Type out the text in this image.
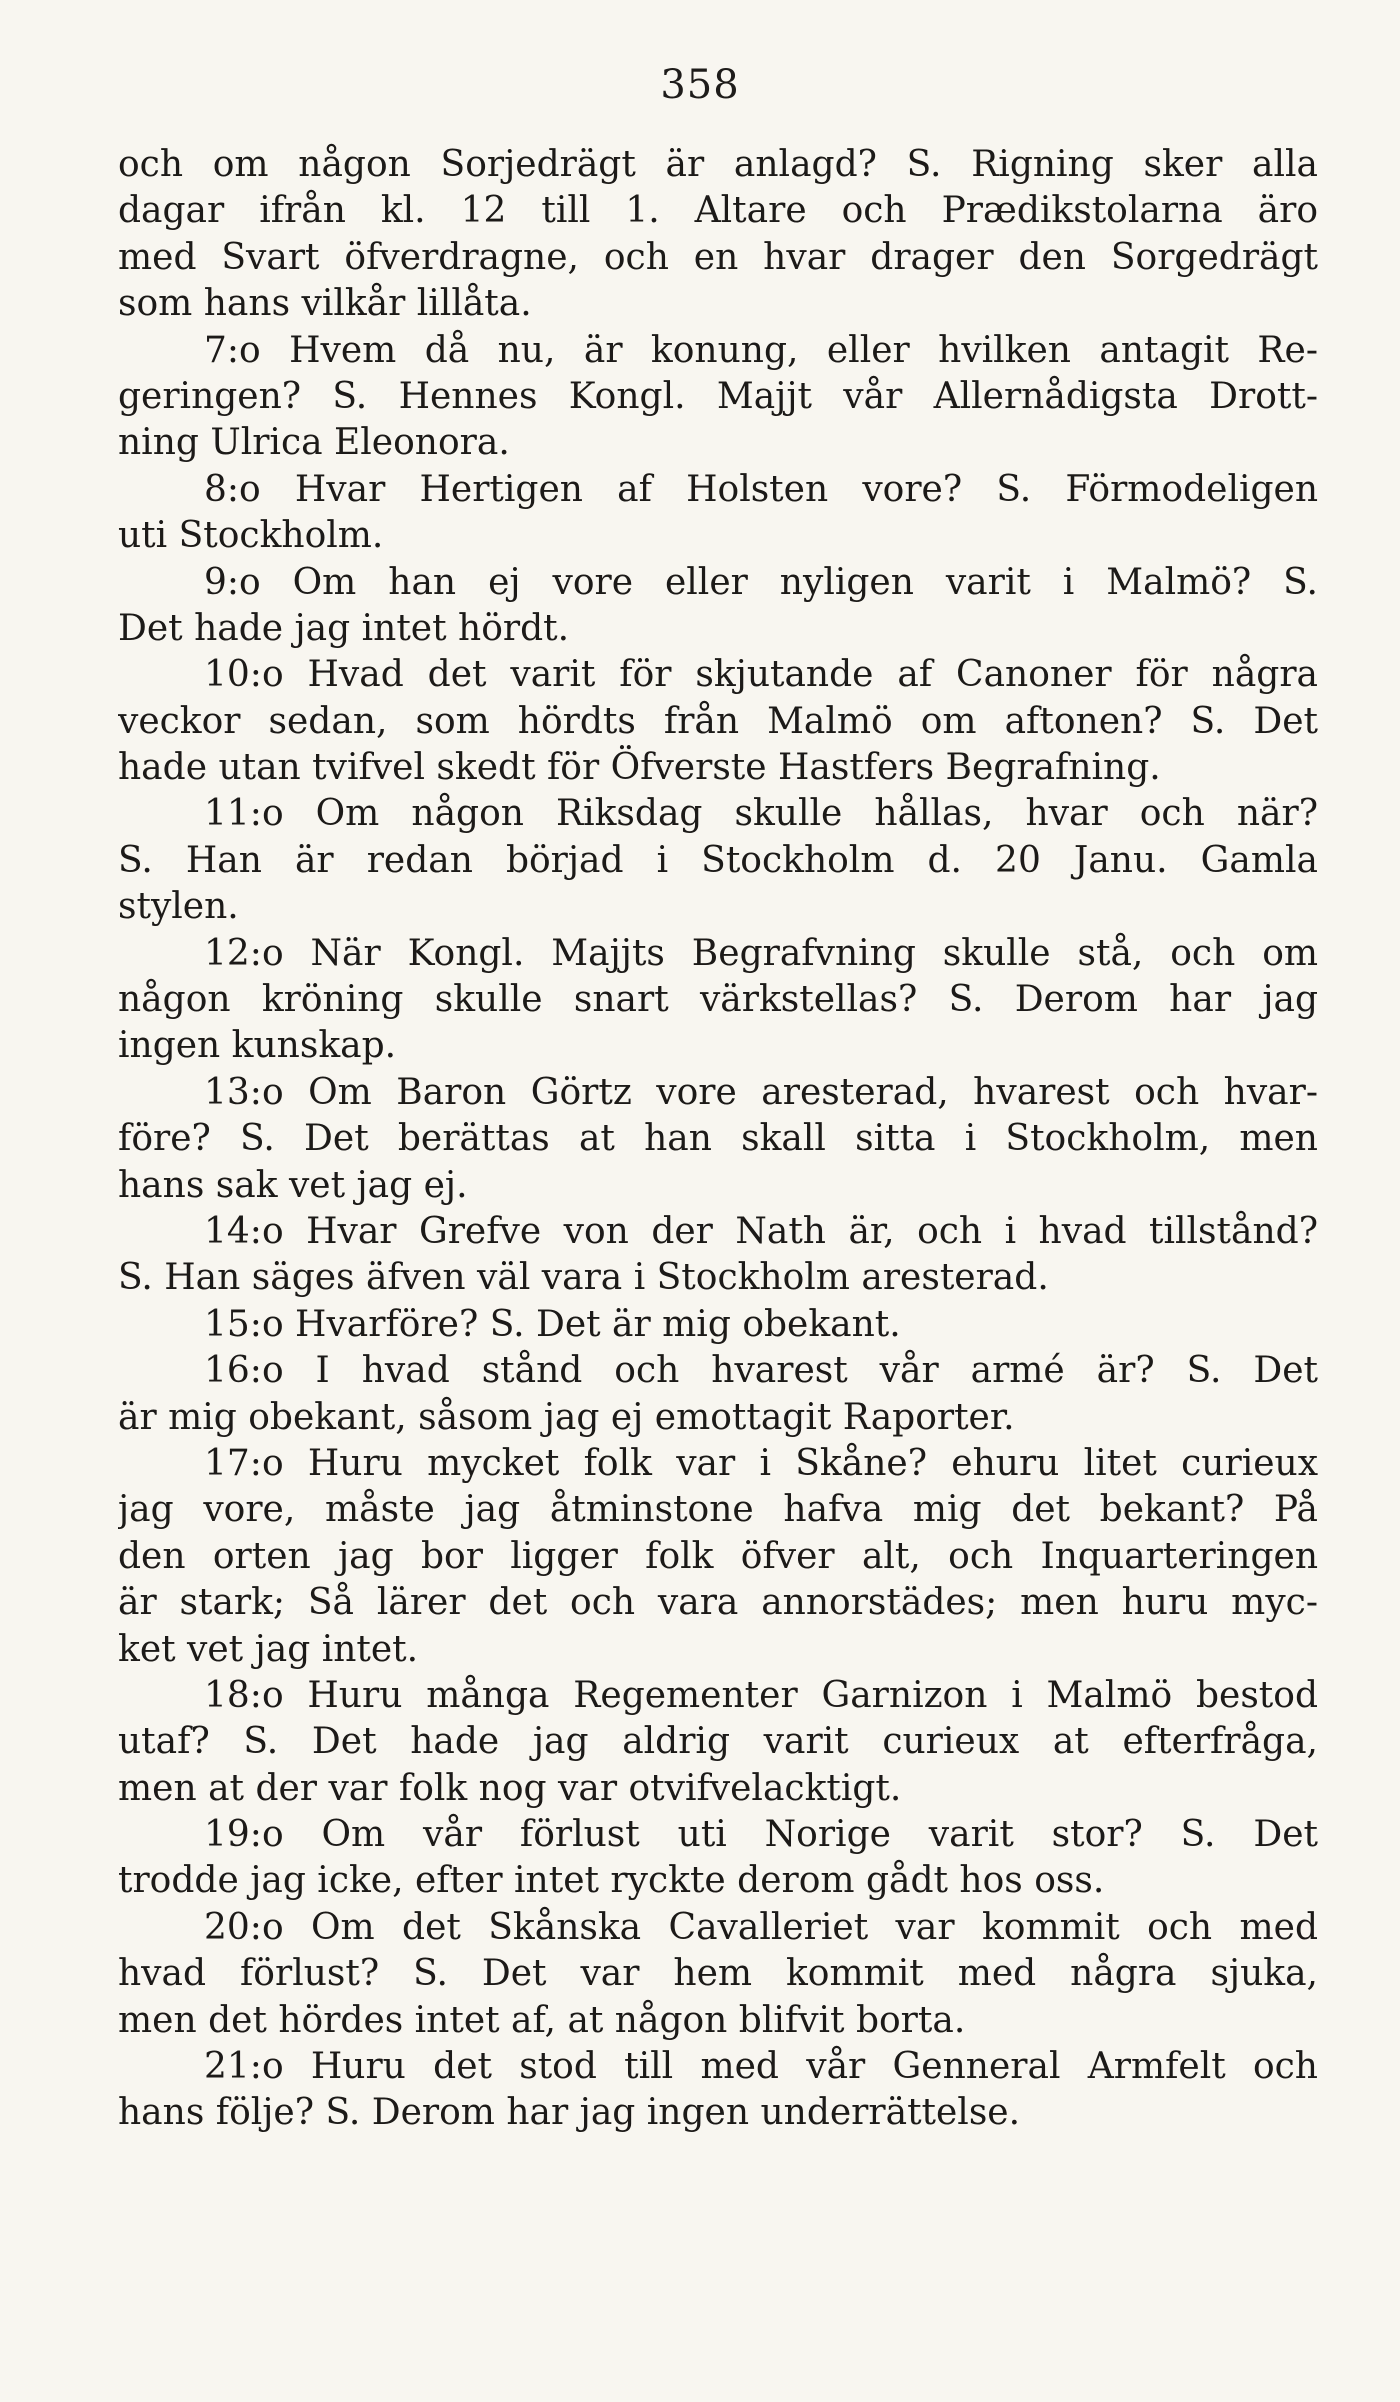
358
och om någon Sorjedrägt är anlagd? S. Rigning sker alla
dagar ifrån kl. 12 till 1. Altare och Prædikstolarna äro
med Svart öfverdragne, och en hvar drager den Sorgedrägt
som hans vilkår lillåta.
7:o Hvem då nu, är konung, eller hvilken antagit Re-
geringen? S. Hennes Kongl. Majjt vår Allernådigsta Drott-
ning Ulrica Eleonora.
8:o Hvar Hertigen af Holsten vore? S. Förmodeligen
uti Stockholm.
9:o Om han ej vore eller nyligen varit i Malmö? S.
Det hade jag intet hördt.
10:o Hvad det varit för skjutande af Canoner för några
veckor sedan, som hördts från Malmö om aftonen? S. Det
hade utan tvifvel skedt för Öfverste Hastfers Begrafning.
11:o Om någon Riksdag skulle hållas, hvar och när?
S. Han är redan börjad i Stockholm d. 20 Janu. Gamla
stylen.
12:o När Kongl. Majjts Begrafvning skulle stå, och om
någon kröning skulle snart värkstellas? S. Derom har jag
ingen kunskap.
13:o Om Baron Görtz vore aresterad, hvarest och hvar-
före? S. Det berättas at han skall sitta i Stockholm, men
hans sak vet jag ej.
14:o Hvar Grefve von der Nath är, och i hvad tillstånd?
S. Han säges äfven väl vara i Stockholm aresterad.
15:o Hvarföre? S. Det är mig obekant.
16:o I hvad stånd och hvarest vår armé är? S. Det
är mig obekant, såsom jag ej emottagit Raporter.
17:o Huru mycket folk var i Skåne? ehuru litet curieux
jag vore, måste jag åtminstone hafva mig det bekant? På
den orten jag bor ligger folk öfver alt, och Inquarteringen
är stark; Så lärer det och vara annorstädes; men huru myc-
ket vet jag intet.
18:o Huru många Regementer Garnizon i Malmö bestod
utaf? S. Det hade jag aldrig varit curieux at efterfråga,
men at der var folk nog var otvifvelacktigt.
19:o Om vår förlust uti Norige varit stor? S. Det
trodde jag icke, efter intet ryckte derom gådt hos oss.
20:o Om det Skånska Cavalleriet var kommit och med
hvad förlust? S. Det var hem kommit med några sjuka,
men det hördes intet af, at någon blifvit borta.
21:o Huru det stod till med vår Genneral Armfelt och
hans följe? S. Derom har jag ingen underrättelse.
